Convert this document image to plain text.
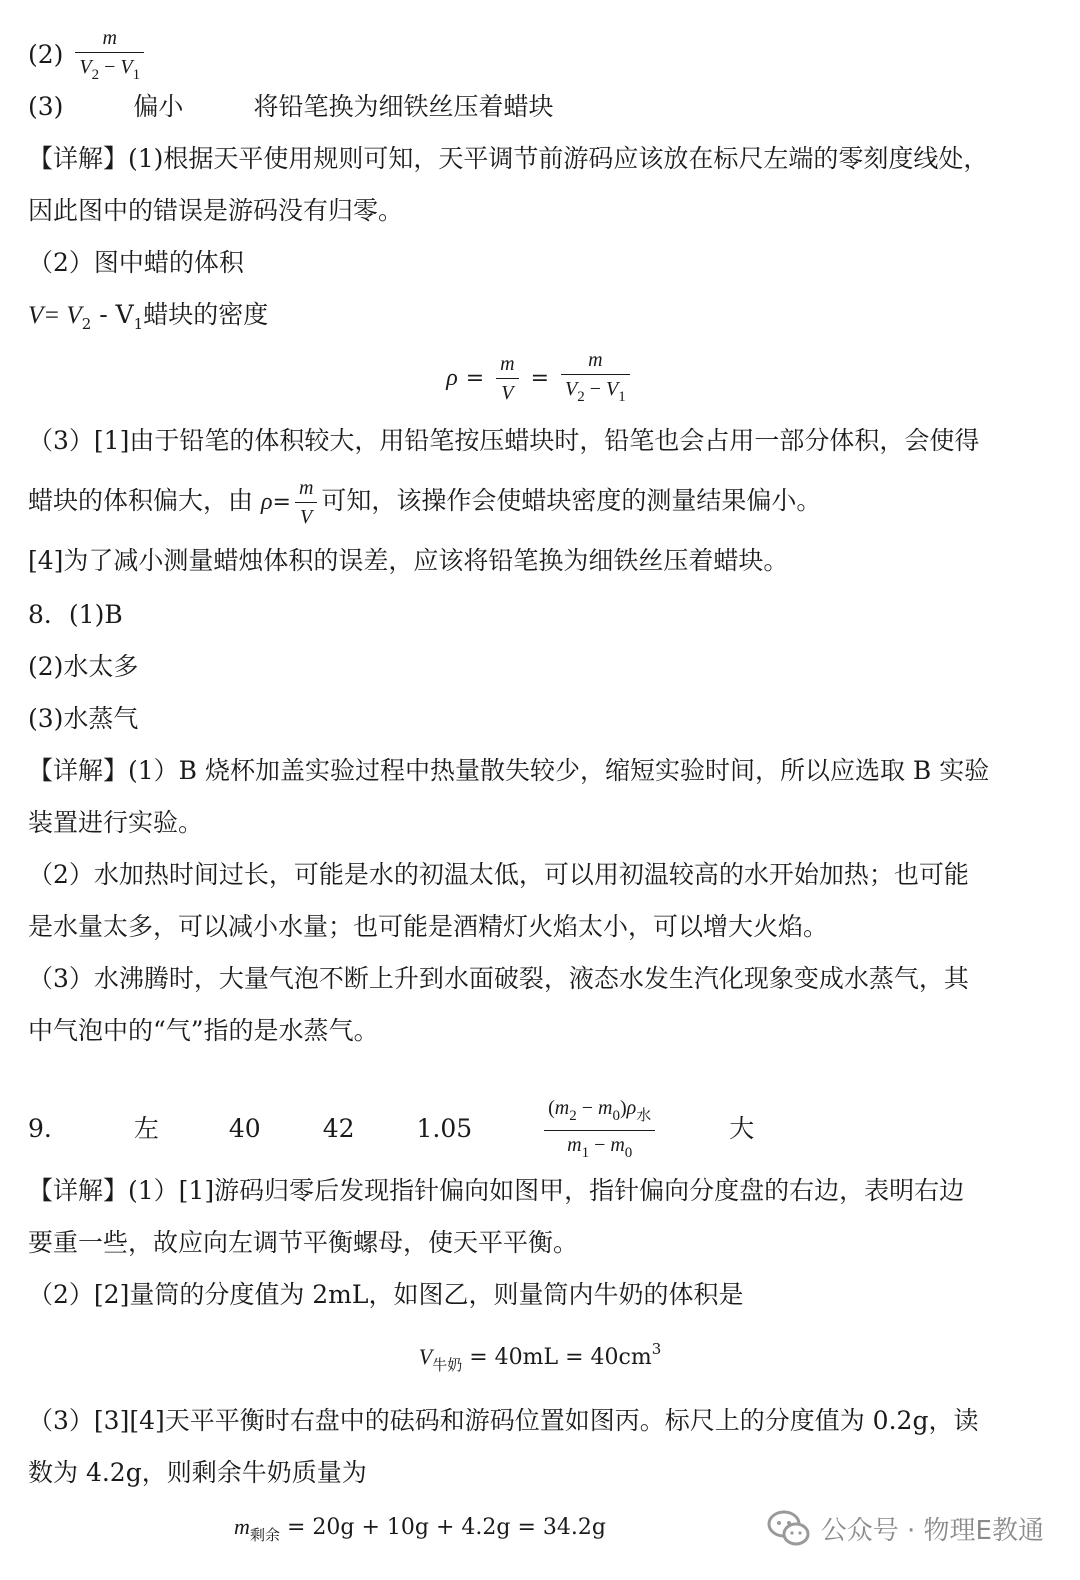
$(2) \frac{m}{V_2 - V_1}$
(3)	偏小	将铅笔换为细铁丝压着蜡块
【详解】(1)根据天平使用规则可知，天平调节前游码应该放在标尺左端的零刻度线处，
因此图中的错误是游码没有归零。
（2）图中蜡的体积
$V= V_2 - V_1$蜡块的密度
$\rho = \frac{m}{V} = \frac{m}{V_2 - V_1}$
（3）[1]由于铅笔的体积较大，用铅笔按压蜡块时，铅笔也会占用一部分体积，会使得
蜡块的体积偏大，由 $\rho= \frac{m}{V}$ 可知，该操作会使蜡块密度的测量结果偏小。
[4]为了减小测量蜡烛体积的误差，应该将铅笔换为细铁丝压着蜡块。
8．(1)B
(2)水太多
(3)水蒸气
【详解】(1）B 烧杯加盖实验过程中热量散失较少，缩短实验时间，所以应选取 B 实验
装置进行实验。
（2）水加热时间过长，可能是水的初温太低，可以用初温较高的水开始加热；也可能
是水量太多，可以减小水量；也可能是酒精灯火焰太小，可以增大火焰。
（3）水沸腾时，大量气泡不断上升到水面破裂，液态水发生汽化现象变成水蒸气，其
中气泡中的“气”指的是水蒸气。
9.	左	40 42 1.05	$\frac{(m_2 - m_0)\rho_水}{m_1 - m_0}$	大
【详解】(1）[1]游码归零后发现指针偏向如图甲，指针偏向分度盘的右边，表明右边
要重一些，故应向左调节平衡螺母，使天平平衡。
（2）[2]量筒的分度值为 2mL，如图乙，则量筒内牛奶的体积是
$V_{牛奶} = 40mL = 40cm^3$
（3）[3][4]天平平衡时右盘中的砝码和游码位置如图丙。标尺上的分度值为 0.2g，读
数为 4.2g，则剩余牛奶质量为
$m_{剩余} = 20g + 10g + 4.2g = 34.2g$	公众号 · 物理E教通
